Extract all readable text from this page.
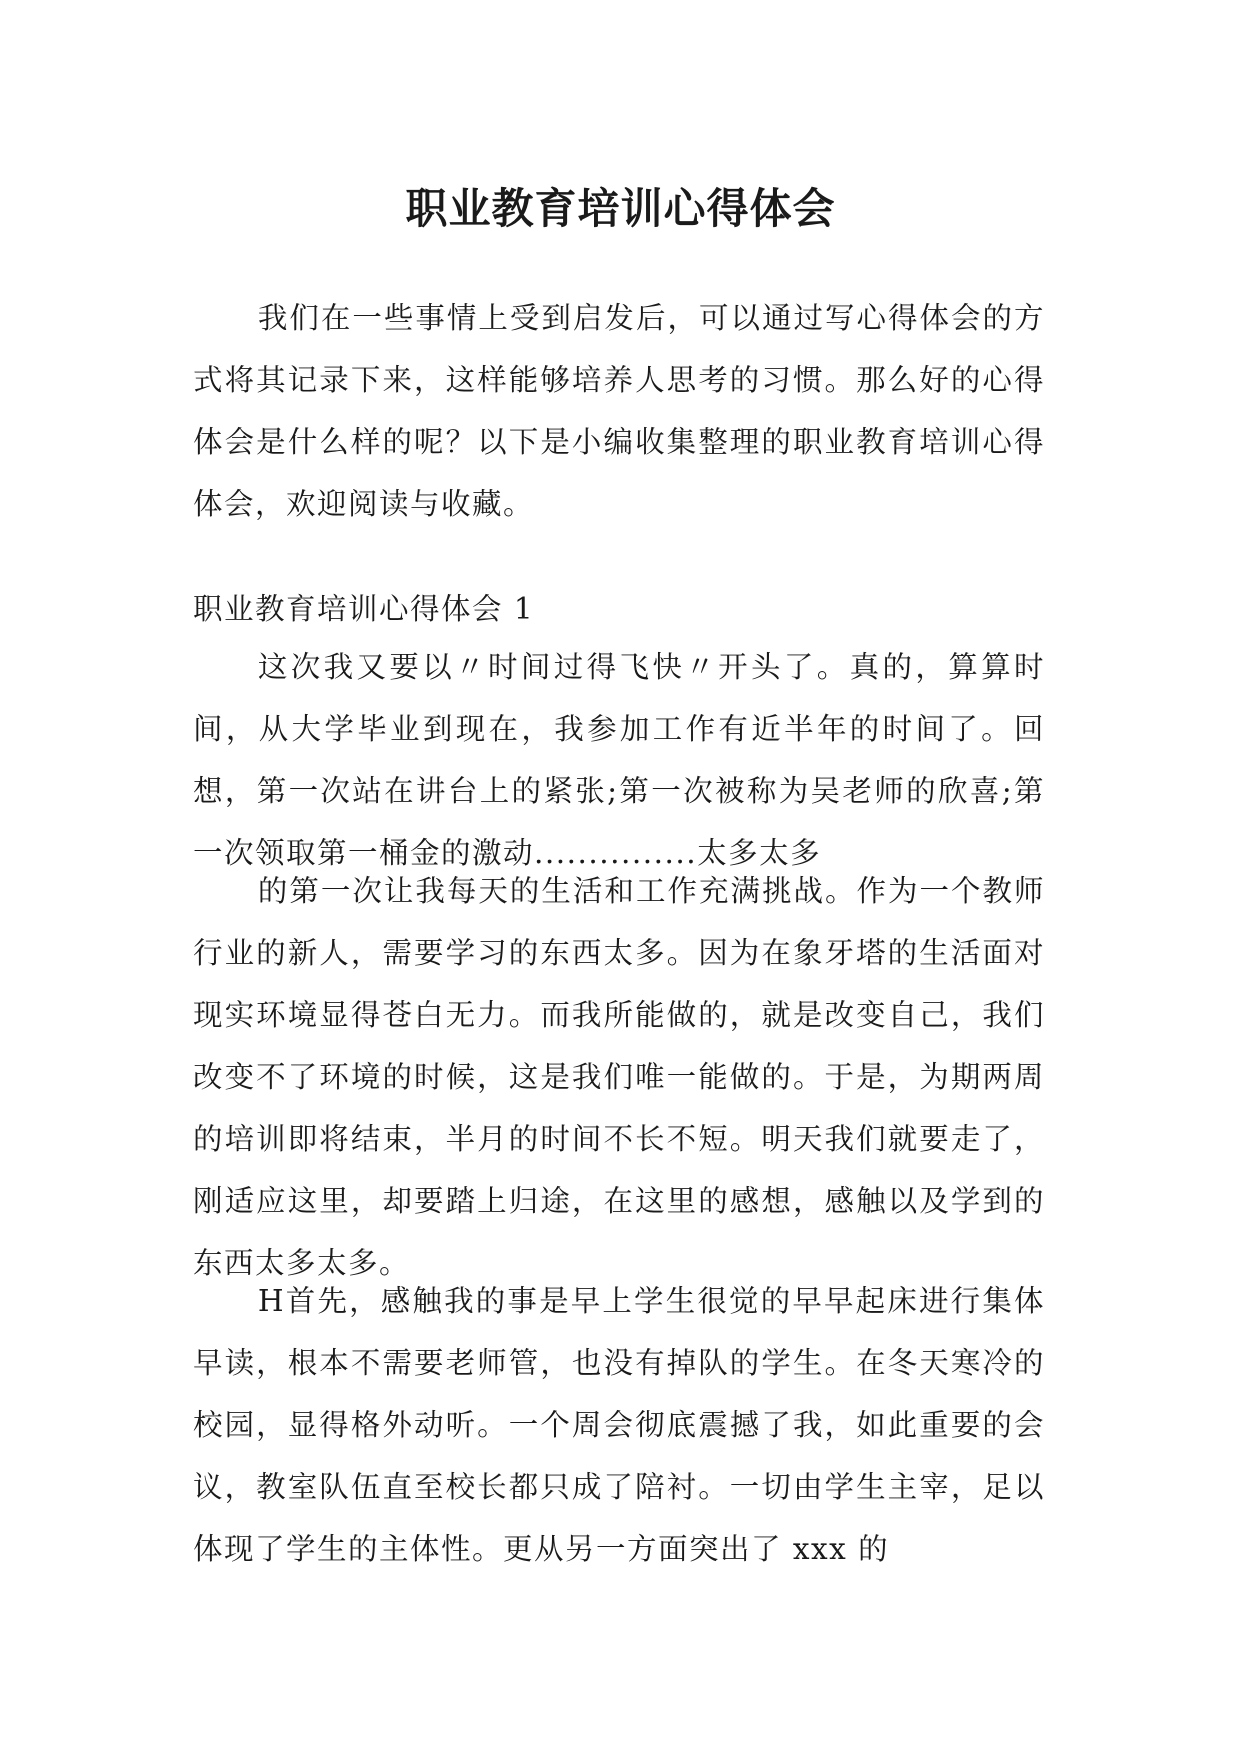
职业教育培训心得体会

我们在一些事情上受到启发后，可以通过写心得体会的方式将其记录下来，这样能够培养人思考的习惯。那么好的心得体会是什么样的呢？以下是小编收集整理的职业教育培训心得体会，欢迎阅读与收藏。

职业教育培训心得体会 1

这次我又要以〃时间过得飞快〃开头了。真的，算算时间，从大学毕业到现在，我参加工作有近半年的时间了。回想，第一次站在讲台上的紧张;第一次被称为吴老师的欣喜;第一次领取第一桶金的激动...............太多太多

的第一次让我每天的生活和工作充满挑战。作为一个教师行业的新人，需要学习的东西太多。因为在象牙塔的生活面对现实环境显得苍白无力。而我所能做的，就是改变自己，我们改变不了环境的时候，这是我们唯一能做的。于是，为期两周的培训即将结束，半月的时间不长不短。明天我们就要走了，刚适应这里，却要踏上归途，在这里的感想，感触以及学到的东西太多太多。

H首先，感触我的事是早上学生很觉的早早起床进行集体早读，根本不需要老师管，也没有掉队的学生。在冬天寒冷的校园，显得格外动听。一个周会彻底震撼了我，如此重要的会议，教室队伍直至校长都只成了陪衬。一切由学生主宰，足以体现了学生的主体性。更从另一方面突出了 xxx 的
